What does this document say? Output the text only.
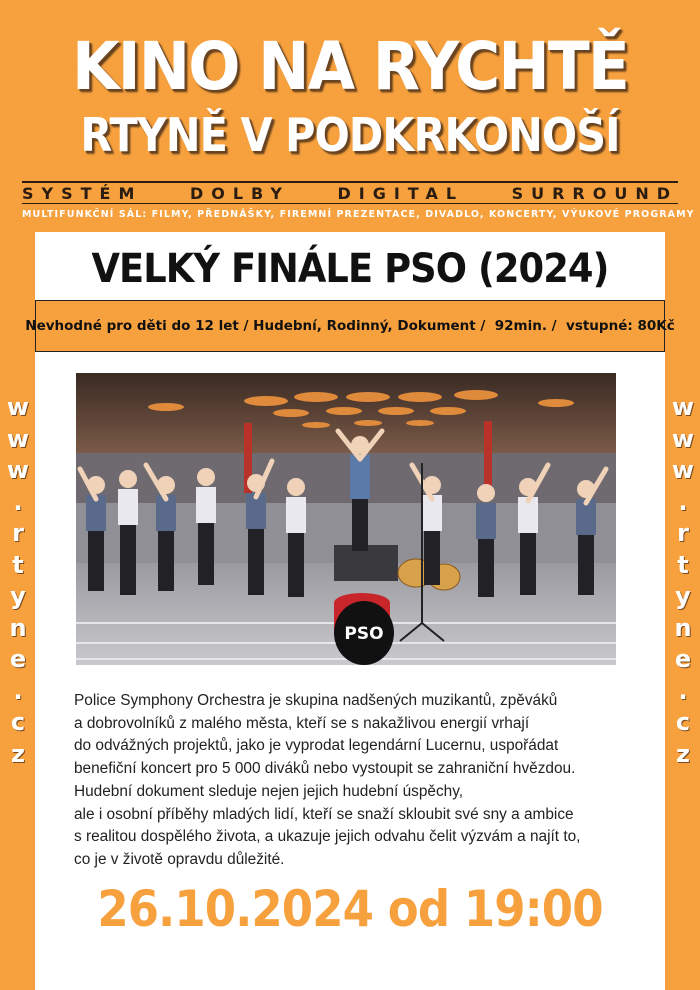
KINO NA RYCHTĚ
RTYNĚ V PODKRKONOŠÍ
SYSTÉM	DOLBY	DIGITAL	SURROUND
MULTIFUNKČNÍ SÁL: FILMY, PŘEDNÁŠKY, FIREMNÍ PREZENTACE, DIVADLO, KONCERTY, VÝUKOVÉ PROGRAMY
w
w
w
.
r
t
y
n
e
.
c
z
w
w
w
.
r
t
y
n
e
.
c
z
VELKÝ FINÁLE PSO (2024)
Nevhodné pro děti do 12 let / Hudební, Rodinný, Dokument /  92min. /  vstupné: 80Kč
PSO
Police Symphony Orchestra je skupina nadšených muzikantů, zpěváků
a dobrovolníků z malého města, kteří se s nakažlivou energií vrhají
do odvážných projektů, jako je vyprodat legendární Lucernu, uspořádat
benefiční koncert pro 5 000 diváků nebo vystoupit se zahraniční hvězdou.
Hudební dokument sleduje nejen jejich hudební úspěchy,
ale i osobní příběhy mladých lidí, kteří se snaží skloubit své sny a ambice
s realitou dospělého života, a ukazuje jejich odvahu čelit výzvám a najít to,
co je v životě opravdu důležité.
26.10.2024 od 19:00
